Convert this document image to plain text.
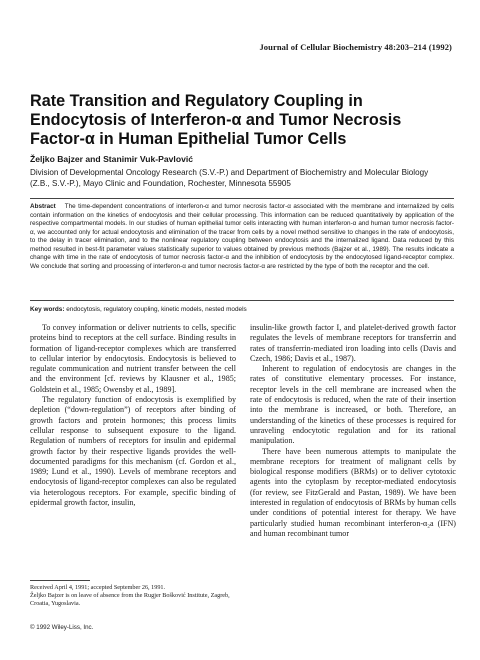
Journal of Cellular Biochemistry 48:203–214 (1992)
Rate Transition and Regulatory Coupling in Endocytosis of Interferon-α and Tumor Necrosis Factor-α in Human Epithelial Tumor Cells
Željko Bajzer and Stanimir Vuk-Pavlović
Division of Developmental Oncology Research (S.V.-P.) and Department of Biochemistry and Molecular Biology (Z.B., S.V.-P.), Mayo Clinic and Foundation, Rochester, Minnesota 55905
Abstract The time-dependent concentrations of interferon-α and tumor necrosis factor-α associated with the membrane and internalized by cells contain information on the kinetics of endocytosis and their cellular processing. This information can be reduced quantitatively by application of the respective compartmental models. In our studies of human epithelial tumor cells interacting with human interferon-α and human tumor necrosis factor-α, we accounted only for actual endocytosis and elimination of the tracer from cells by a novel method sensitive to changes in the rate of endocytosis, to the delay in tracer elimination, and to the nonlinear regulatory coupling between endocytosis and the internalized ligand. Data reduced by this method resulted in best-fit parameter values statistically superior to values obtained by previous methods (Bajzer et al., 1989). The results indicate a change with time in the rate of endocytosis of tumor necrosis factor-α and the inhibition of endocytosis by the endocytosed ligand-receptor complex. We conclude that sorting and processing of interferon-α and tumor necrosis factor-α are restricted by the type of both the receptor and the cell.
Key words: endocytosis, regulatory coupling, kinetic models, nested models

To convey information or deliver nutrients to cells, specific proteins bind to receptors at the cell surface. Binding results in formation of ligand-receptor complexes which are transferred to cellular interior by endocytosis. Endocytosis is believed to regulate communication and nutrient transfer between the cell and the environment [cf. reviews by Klausner et al., 1985; Goldstein et al., 1985; Owensby et al., 1989].

The regulatory function of endocytosis is exemplified by depletion (“down-regulation”) of receptors after binding of growth factors and protein hormones; this process limits cellular response to subsequent exposure to the ligand. Regulation of numbers of receptors for insulin and epidermal growth factor by their respective ligands provides the well-documented paradigms for this mechanism (cf. Gordon et al., 1989; Lund et al., 1990). Levels of membrane receptors and endocytosis of ligand-receptor complexes can also be regulated via heterologous receptors. For example, specific binding of epidermal growth factor, insulin,

insulin-like growth factor I, and platelet-derived growth factor regulates the levels of membrane receptors for transferrin and rates of transferrin-mediated iron loading into cells (Davis and Czech, 1986; Davis et al., 1987).

Inherent to regulation of endocytosis are changes in the rates of constitutive elementary processes. For instance, receptor levels in the cell membrane are increased when the rate of endocytosis is reduced, when the rate of their insertion into the membrane is increased, or both. Therefore, an understanding of the kinetics of these processes is required for unraveling endocytotic regulation and for its rational manipulation.

There have been numerous attempts to manipulate the membrane receptors for treatment of malignant cells by biological response modifiers (BRMs) or to deliver cytotoxic agents into the cytoplasm by receptor-mediated endocytosis (for review, see FitzGerald and Pastan, 1989). We have been interested in regulation of endocytosis of BRMs by human cells under conditions of potential interest for therapy. We have particularly studied human recombinant interferon-α₂a (IFN) and human recombinant tumor

Received April 4, 1991; accepted September 26, 1991.
Željko Bajzer is on leave of absence from the Rugjer Bošković Institute, Zagreb, Croatia, Yugoslavia.
© 1992 Wiley-Liss, Inc.
